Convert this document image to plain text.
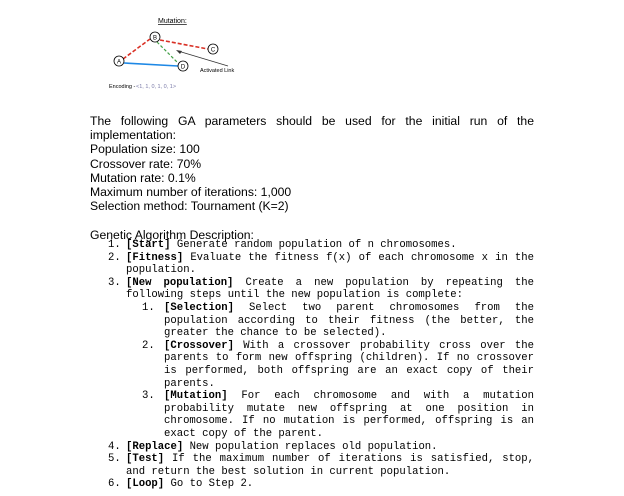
Mutation:
A
B
C
D
Activated Link
Encoding - <1, 1, 0, 1, 0, 1>
The following GA parameters should be used for the initial run of the implementation:
Population size: 100
Crossover rate: 70%
Mutation rate: 0.1%
Maximum number of iterations: 1,000
Selection method: Tournament (K=2)
Genetic Algorithm Description:
1. [Start] Generate random population of n chromosomes.
2. [Fitness] Evaluate the fitness f(x) of each chromosome x in the population.
3. [New population] Create a new population by repeating the following steps until the new population is complete:
1. [Selection] Select two parent chromosomes from the population according to their fitness (the better, the greater the chance to be selected).
2. [Crossover] With a crossover probability cross over the parents to form new offspring (children). If no crossover is performed, both offspring are an exact copy of their parents.
3. [Mutation] For each chromosome and with a mutation probability mutate new offspring at one position in chromosome. If no mutation is performed, offspring is an exact copy of the parent.
4. [Replace] New population replaces old population.
5. [Test] If the maximum number of iterations is satisfied, stop, and return the best solution in current population.
6. [Loop] Go to Step 2.
